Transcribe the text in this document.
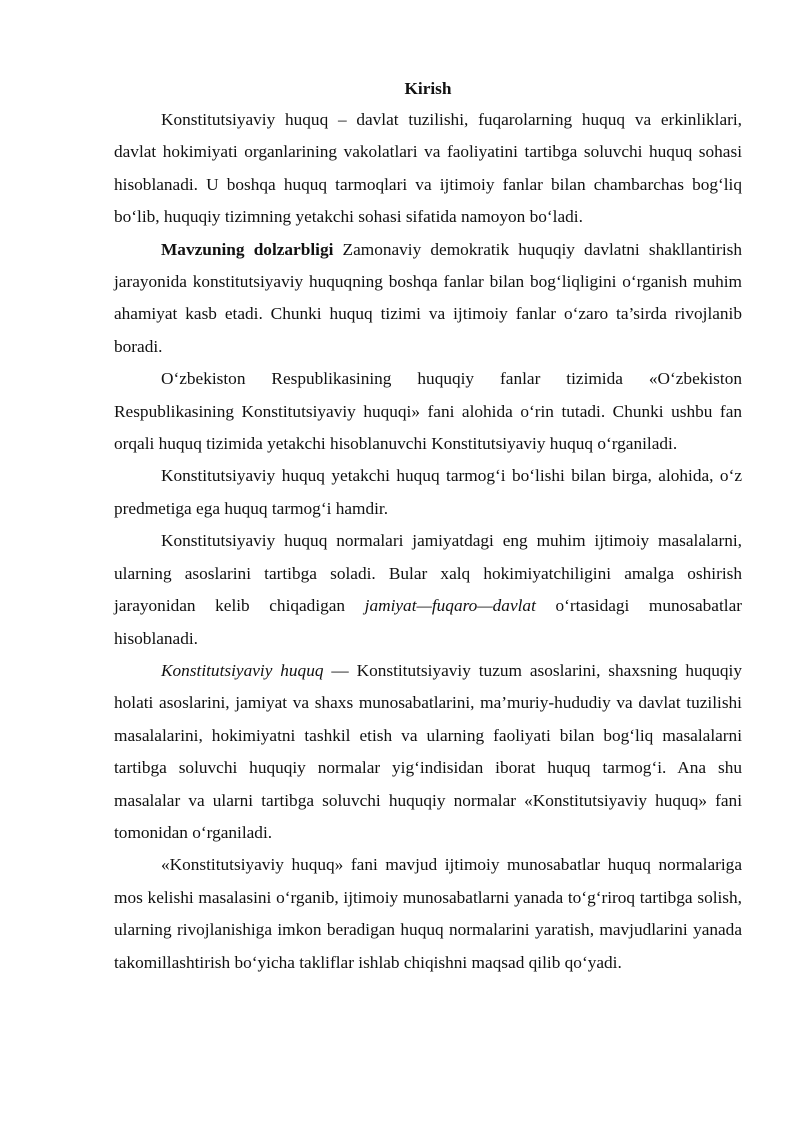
Kirish

Konstitutsiyaviy huquq – davlat tuzilishi, fuqarolarning huquq va erkinliklari, davlat hokimiyati organlarining vakolatlari va faoliyatini tartibga soluvchi huquq sohasi hisoblanadi. U boshqa huquq tarmoqlari va ijtimoiy fanlar bilan chambarchas bog‘liq bo‘lib, huquqiy tizimning yetakchi sohasi sifatida namoyon bo‘ladi.

Mavzuning dolzarbligi Zamonaviy demokratik huquqiy davlatni shakllantirish jarayonida konstitutsiyaviy huquqning boshqa fanlar bilan bog‘liqligini o‘rganish muhim ahamiyat kasb etadi. Chunki huquq tizimi va ijtimoiy fanlar o‘zaro ta’sirda rivojlanib boradi.

O‘zbekiston Respublikasining huquqiy fanlar tizimida «O‘zbekiston Respublikasining Konstitutsiyaviy huquqi» fani alohida o‘rin tutadi. Chunki ushbu fan orqali huquq tizimida yetakchi hisoblanuvchi Konstitutsiyaviy huquq o‘rganiladi.

Konstitutsiyaviy huquq yetakchi huquq tarmog‘i bo‘lishi bilan birga, alohida, o‘z predmetiga ega huquq tarmog‘i hamdir.

Konstitutsiyaviy huquq normalari jamiyatdagi eng muhim ijtimoiy masalalarni, ularning asoslarini tartibga soladi. Bular xalq hokimiyatchiligini amalga oshirish jarayonidan kelib chiqadigan jamiyat—fuqaro—davlat o‘rtasidagi munosabatlar hisoblanadi.

Konstitutsiyaviy huquq — Konstitutsiyaviy tuzum asoslarini, shaxsning huquqiy holati asoslarini, jamiyat va shaxs munosabatlarini, ma’muriy-hududiy va davlat tuzilishi masalalarini, hokimiyatni tashkil etish va ularning faoliyati bilan bog‘liq masalalarni tartibga soluvchi huquqiy normalar yig‘indisidan iborat huquq tarmog‘i. Ana shu masalalar va ularni tartibga soluvchi huquqiy normalar «Konstitutsiyaviy huquq» fani tomonidan o‘rganiladi.

«Konstitutsiyaviy huquq» fani mavjud ijtimoiy munosabatlar huquq normalariga mos kelishi masalasini o‘rganib, ijtimoiy munosabatlarni yanada to‘g‘riroq tartibga solish, ularning rivojlanishiga imkon beradigan huquq normalarini yaratish, mavjudlarini yanada takomillashtirish bo‘yicha takliflar ishlab chiqishni maqsad qilib qo‘yadi.
